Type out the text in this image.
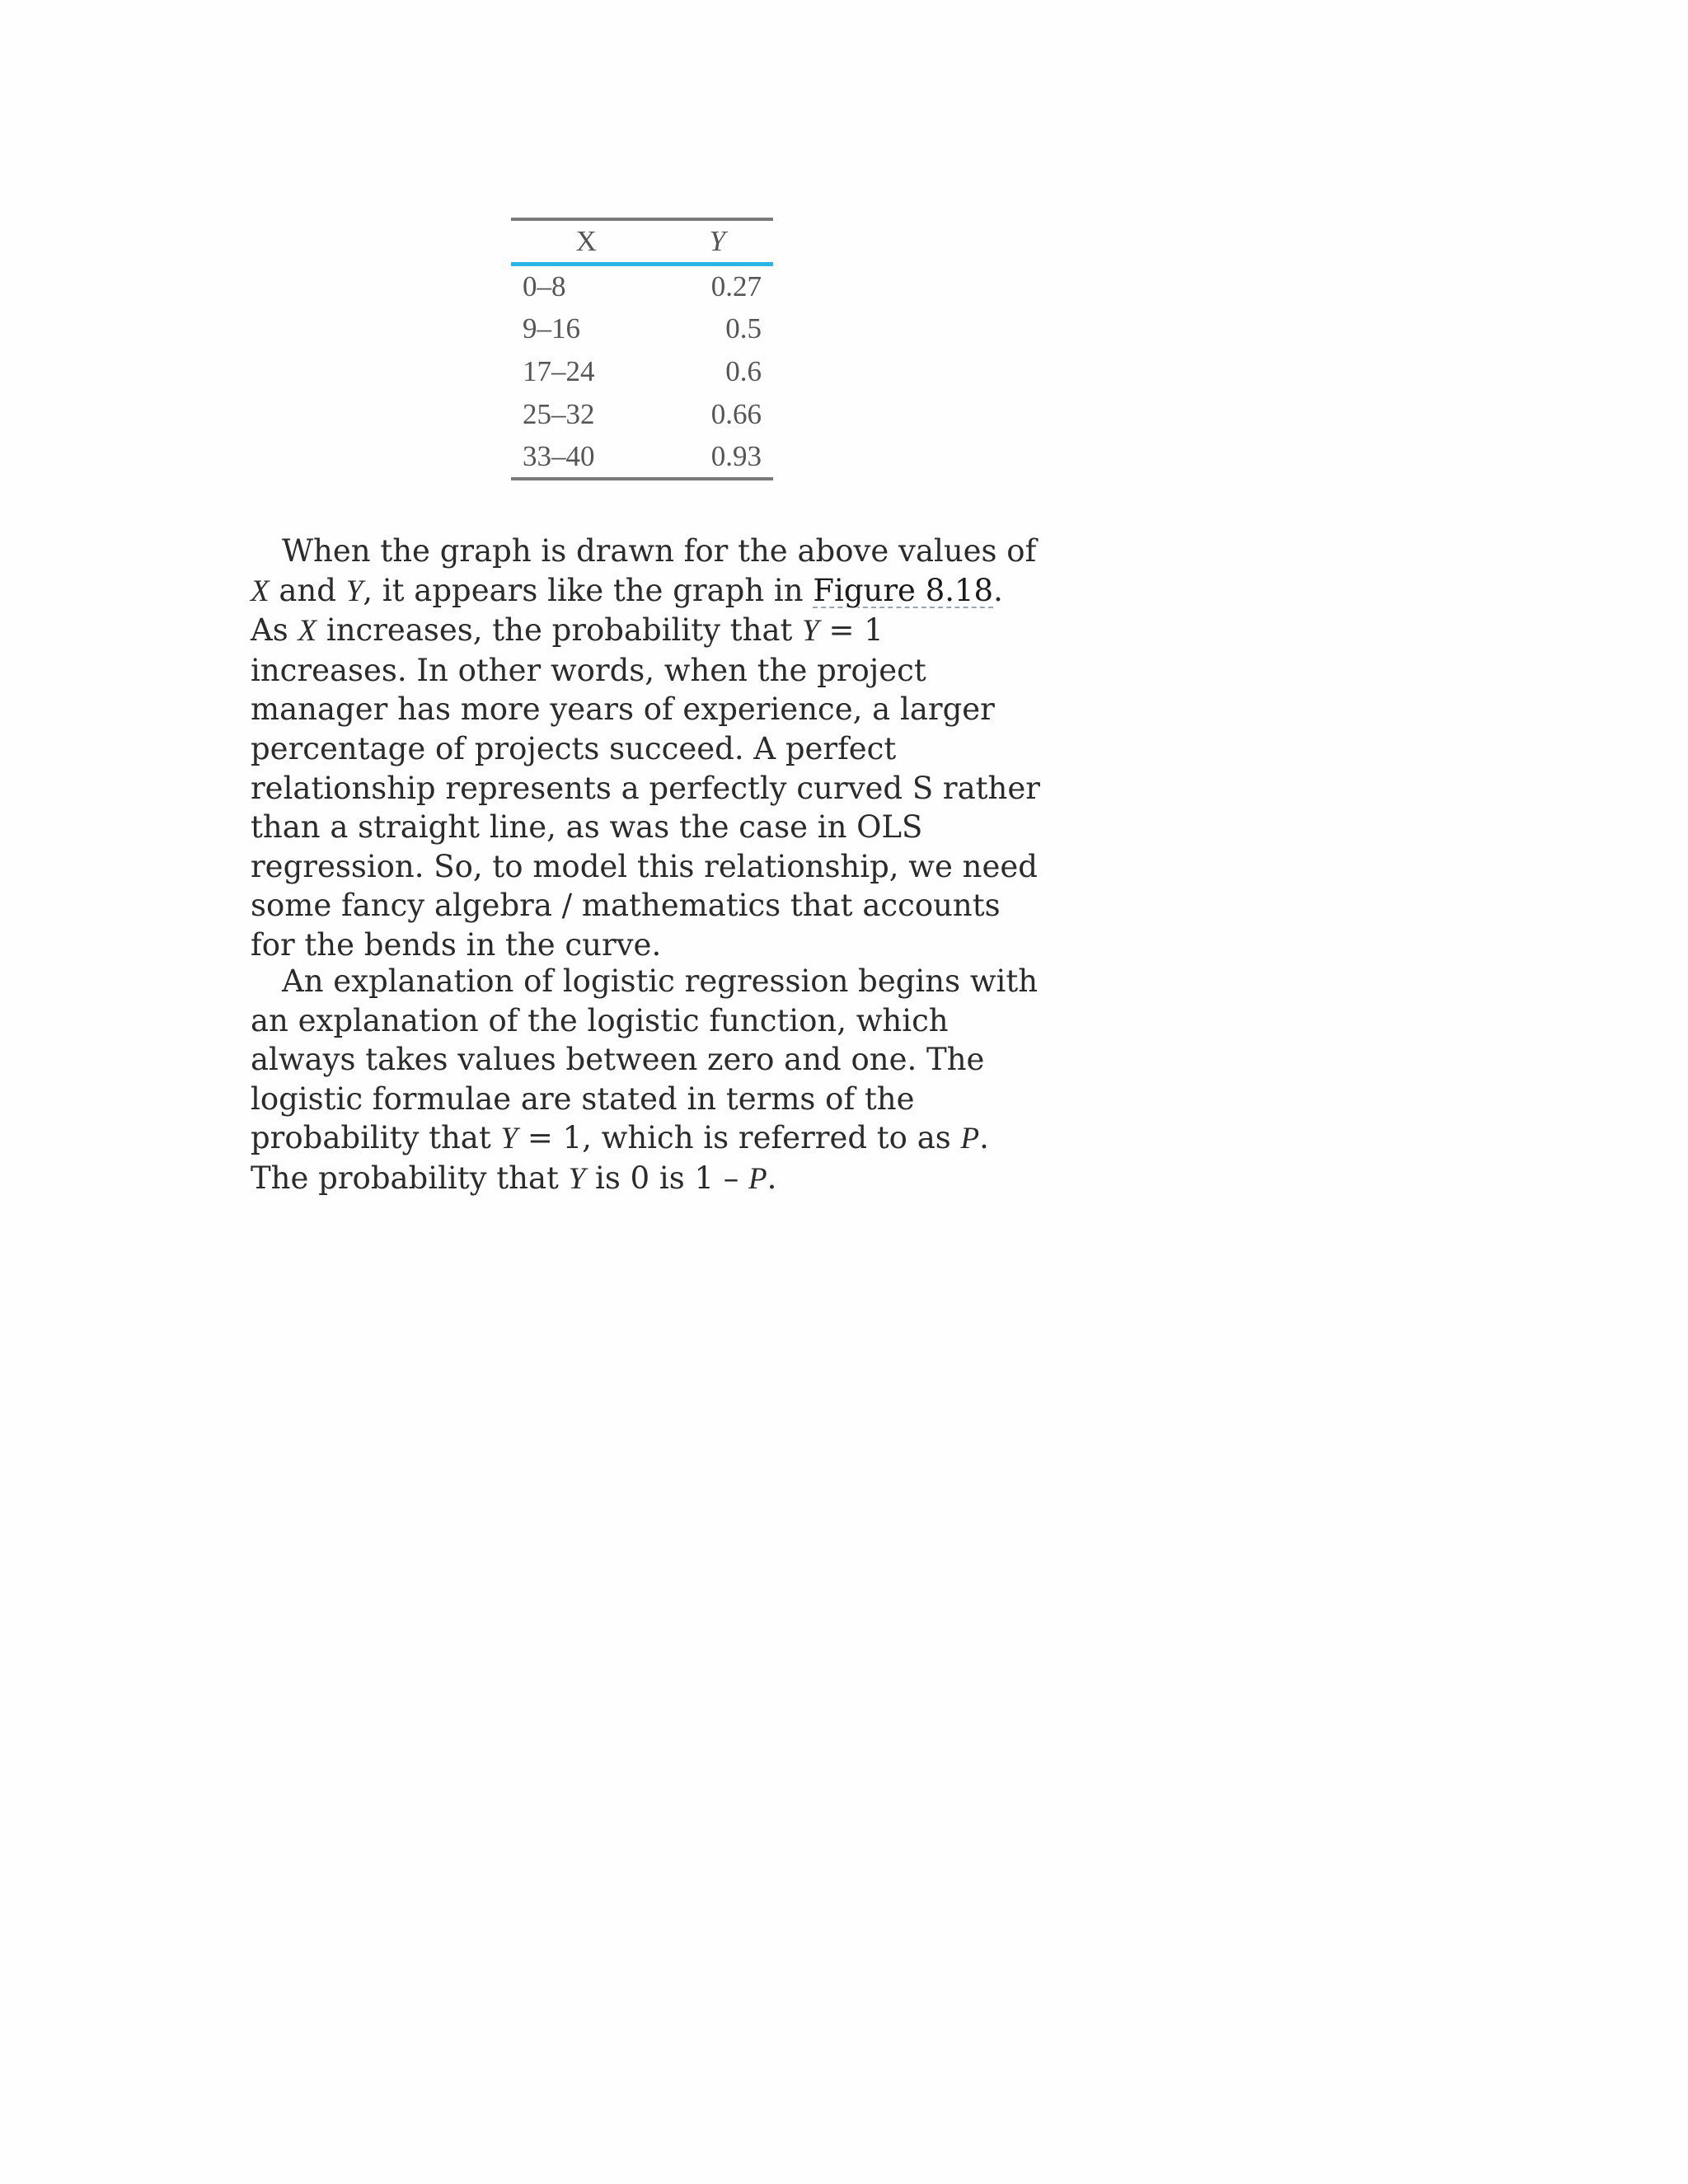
X	Y
0–8	0.27
9–16	0.5
17–24	0.6
25–32	0.66
33–40	0.93

When the graph is drawn for the above values of X and Y, it appears like the graph in Figure 8.18. As X increases, the probability that Y = 1 increases. In other words, when the project manager has more years of experience, a larger percentage of projects succeed. A perfect relationship represents a perfectly curved S rather than a straight line, as was the case in OLS regression. So, to model this relationship, we need some fancy algebra / mathematics that accounts for the bends in the curve.

An explanation of logistic regression begins with an explanation of the logistic function, which always takes values between zero and one. The logistic formulae are stated in terms of the probability that Y = 1, which is referred to as P. The probability that Y is 0 is 1 – P.
